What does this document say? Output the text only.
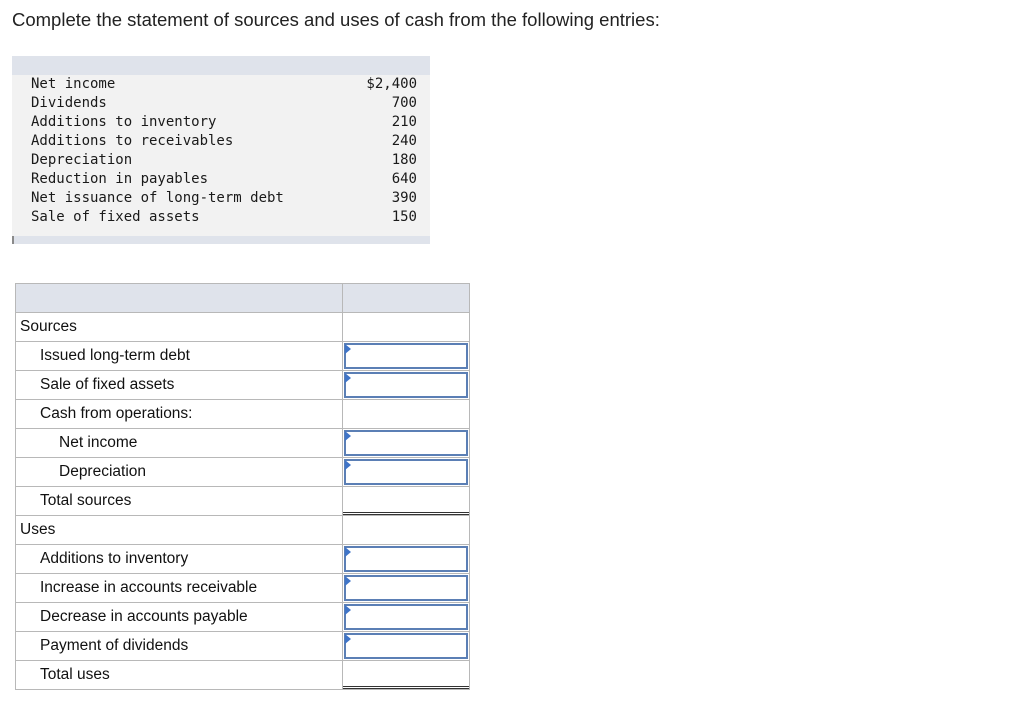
Complete the statement of sources and uses of cash from the following entries:
Net income	$2,400
Dividends	700
Additions to inventory	210
Additions to receivables	240
Depreciation	180
Reduction in payables	640
Net issuance of long-term debt	390
Sale of fixed assets	150

Sources	
Issued long-term debt	

Sale of fixed assets	

Cash from operations:	
Net income	

Depreciation	

Total sources	

Uses	
Additions to inventory	

Increase in accounts receivable	

Decrease in accounts payable	

Payment of dividends	

Total uses	
